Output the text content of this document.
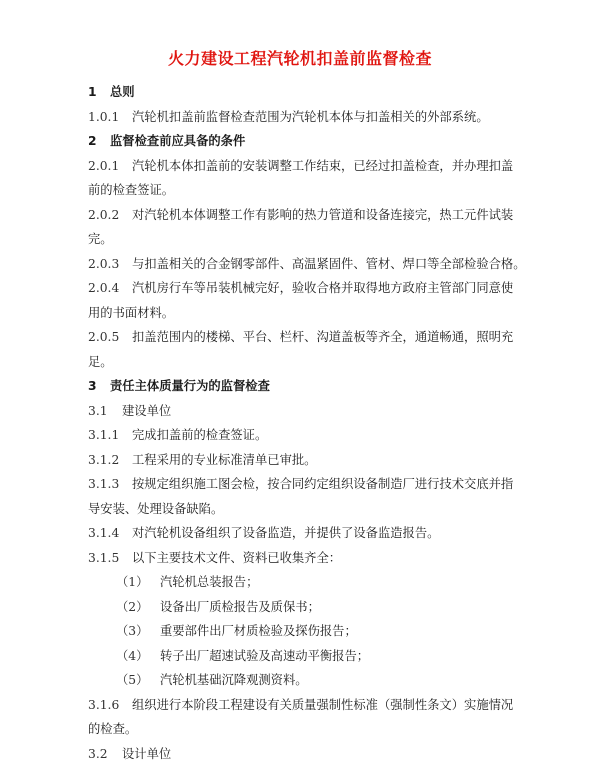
火力建设工程汽轮机扣盖前监督检查
1 总则
1.0.1 汽轮机扣盖前监督检查范围为汽轮机本体与扣盖相关的外部系统。
2 监督检查前应具备的条件
2.0.1 汽轮机本体扣盖前的安装调整工作结束，已经过扣盖检查，并办理扣盖
前的检查签证。
2.0.2 对汽轮机本体调整工作有影响的热力管道和设备连接完，热工元件试装
完。
2.0.3 与扣盖相关的合金钢零部件、高温紧固件、管材、焊口等全部检验合格。
2.0.4 汽机房行车等吊装机械完好，验收合格并取得地方政府主管部门同意使
用的书面材料。
2.0.5 扣盖范围内的楼梯、平台、栏杆、沟道盖板等齐全，通道畅通，照明充
足。
3 责任主体质量行为的监督检查
3.1 建设单位
3.1.1 完成扣盖前的检查签证。
3.1.2 工程采用的专业标准清单已审批。
3.1.3 按规定组织施工图会检，按合同约定组织设备制造厂进行技术交底并指
导安装、处理设备缺陷。
3.1.4 对汽轮机设备组织了设备监造，并提供了设备监造报告。
3.1.5 以下主要技术文件、资料已收集齐全：
（1） 汽轮机总装报告；
（2） 设备出厂质检报告及质保书；
（3） 重要部件出厂材质检验及探伤报告；
（4） 转子出厂超速试验及高速动平衡报告；
（5） 汽轮机基础沉降观测资料。
3.1.6 组织进行本阶段工程建设有关质量强制性标准（强制性条文）实施情况
的检查。
3.2 设计单位
